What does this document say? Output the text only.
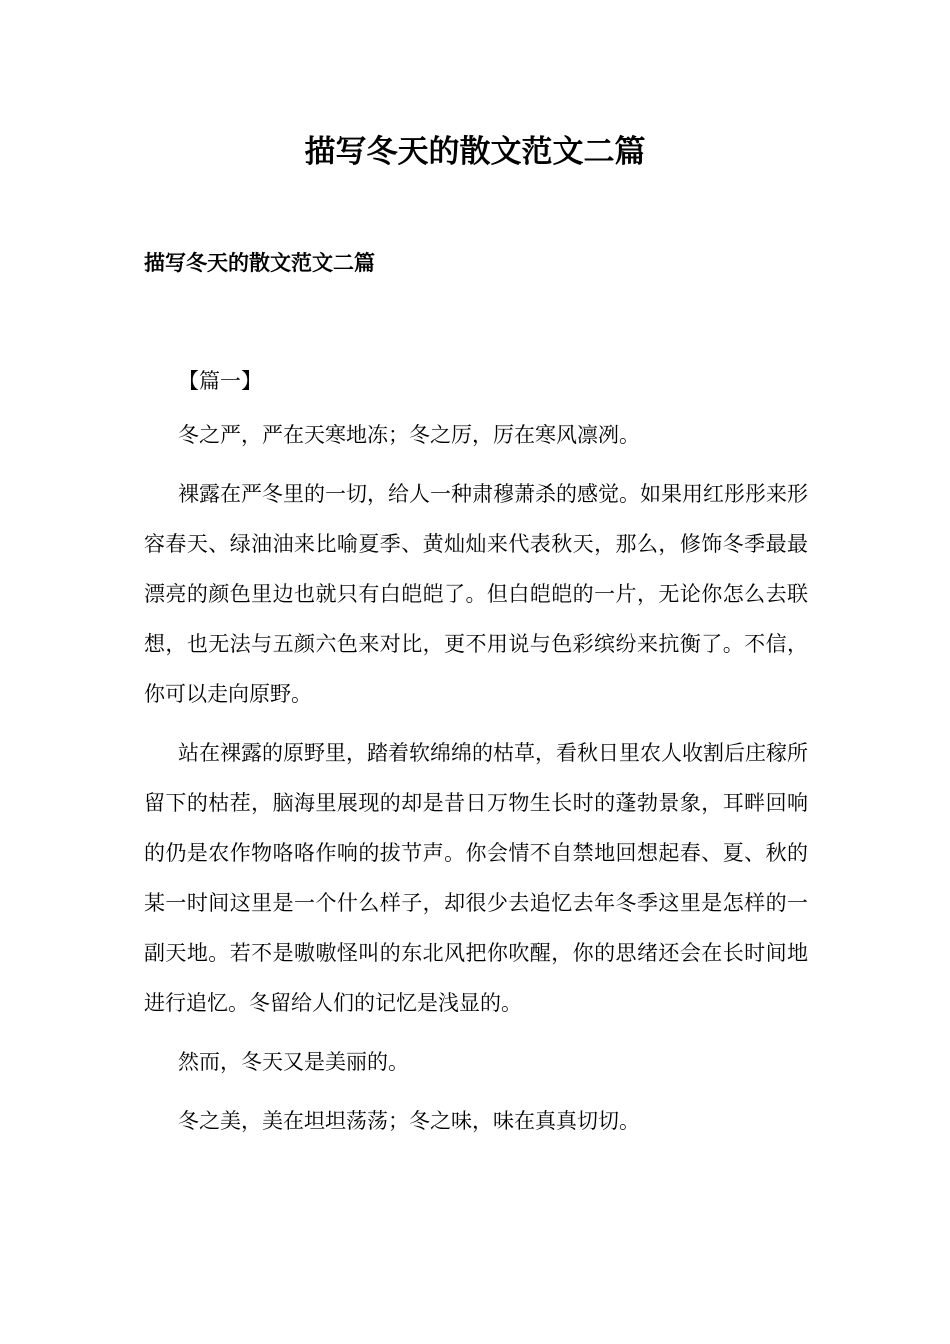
描写冬天的散文范文二篇
描写冬天的散文范文二篇

【篇一】

冬之严，严在天寒地冻；冬之厉，厉在寒风凛冽。

裸露在严冬里的一切，给人一种肃穆萧杀的感觉。如果用红彤彤来形容春天、绿油油来比喻夏季、黄灿灿来代表秋天，那么，修饰冬季最最漂亮的颜色里边也就只有白皑皑了。但白皑皑的一片，无论你怎么去联想，也无法与五颜六色来对比，更不用说与色彩缤纷来抗衡了。不信，你可以走向原野。

站在裸露的原野里，踏着软绵绵的枯草，看秋日里农人收割后庄稼所留下的枯茬，脑海里展现的却是昔日万物生长时的蓬勃景象，耳畔回响的仍是农作物咯咯作响的拔节声。你会情不自禁地回想起春、夏、秋的某一时间这里是一个什么样子，却很少去追忆去年冬季这里是怎样的一副天地。若不是嗷嗷怪叫的东北风把你吹醒，你的思绪还会在长时间地进行追忆。冬留给人们的记忆是浅显的。

然而，冬天又是美丽的。

冬之美，美在坦坦荡荡；冬之味，味在真真切切。
